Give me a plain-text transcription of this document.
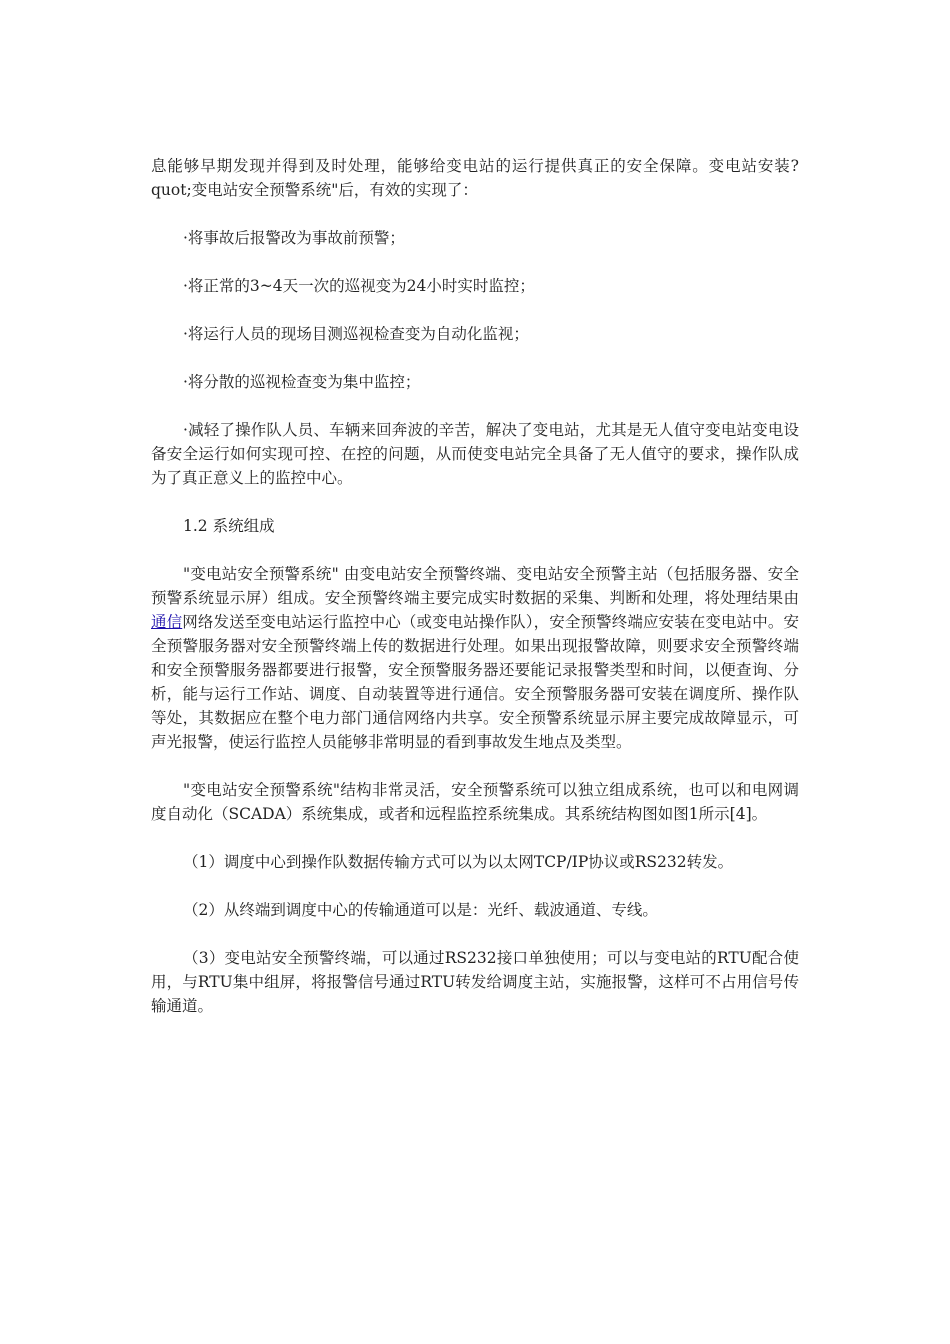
息能够早期发现并得到及时处理，能够给变电站的运行提供真正的安全保障。变电站安装?quot;变电站安全预警系统"后，有效的实现了：

·将事故后报警改为事故前预警；

·将正常的3~4天一次的巡视变为24小时实时监控；

·将运行人员的现场目测巡视检查变为自动化监视；

·将分散的巡视检查变为集中监控；

·减轻了操作队人员、车辆来回奔波的辛苦，解决了变电站，尤其是无人值守变电站变电设备安全运行如何实现可控、在控的问题，从而使变电站完全具备了无人值守的要求，操作队成为了真正意义上的监控中心。

1.2 系统组成

"变电站安全预警系统" 由变电站安全预警终端、变电站安全预警主站（包括服务器、安全预警系统显示屏）组成。安全预警终端主要完成实时数据的采集、判断和处理，将处理结果由通信网络发送至变电站运行监控中心（或变电站操作队），安全预警终端应安装在变电站中。安全预警服务器对安全预警终端上传的数据进行处理。如果出现报警故障，则要求安全预警终端和安全预警服务器都要进行报警，安全预警服务器还要能记录报警类型和时间，以便查询、分析，能与运行工作站、调度、自动装置等进行通信。安全预警服务器可安装在调度所、操作队等处，其数据应在整个电力部门通信网络内共享。安全预警系统显示屏主要完成故障显示，可声光报警，使运行监控人员能够非常明显的看到事故发生地点及类型。

"变电站安全预警系统"结构非常灵活，安全预警系统可以独立组成系统，也可以和电网调度自动化（SCADA）系统集成，或者和远程监控系统集成。其系统结构图如图1所示[4]。

（1）调度中心到操作队数据传输方式可以为以太网TCP/IP协议或RS232转发。

（2）从终端到调度中心的传输通道可以是：光纤、载波通道、专线。

（3）变电站安全预警终端，可以通过RS232接口单独使用；可以与变电站的RTU配合使用，与RTU集中组屏，将报警信号通过RTU转发给调度主站，实施报警，这样可不占用信号传输通道。
